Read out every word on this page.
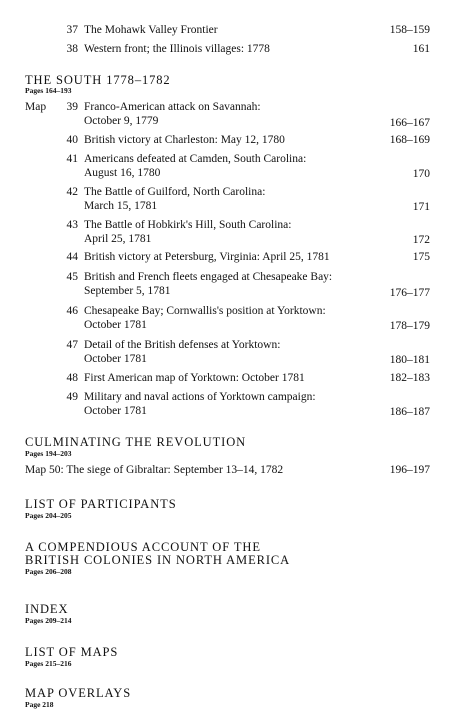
37 The Mohawk Valley Frontier	158–159
38 Western front; the Illinois villages: 1778	161
THE SOUTH 1778–1782
Pages 164–193
Map	39 Franco-American attack on Savannah:
October 9, 1779	166–167
40 British victory at Charleston: May 12, 1780	168–169
41 Americans defeated at Camden, South Carolina:
August 16, 1780	170
42 The Battle of Guilford, North Carolina:
March 15, 1781	171
43 The Battle of Hobkirk's Hill, South Carolina:
April 25, 1781	172
44 British victory at Petersburg, Virginia: April 25, 1781	175
45 British and French fleets engaged at Chesapeake Bay:
September 5, 1781	176–177
46 Chesapeake Bay; Cornwallis's position at Yorktown:
October 1781	178–179
47 Detail of the British defenses at Yorktown:
October 1781	180–181
48 First American map of Yorktown: October 1781	182–183
49 Military and naval actions of Yorktown campaign:
October 1781	186–187
CULMINATING THE REVOLUTION
Pages 194–203
Map 50: The siege of Gibraltar: September 13–14, 1782	196–197
LIST OF PARTICIPANTS
Pages 204–205
A COMPENDIOUS ACCOUNT OF THE
BRITISH COLONIES IN NORTH AMERICA
Pages 206–208
INDEX
Pages 209–214
LIST OF MAPS
Pages 215–216
MAP OVERLAYS
Page 218
